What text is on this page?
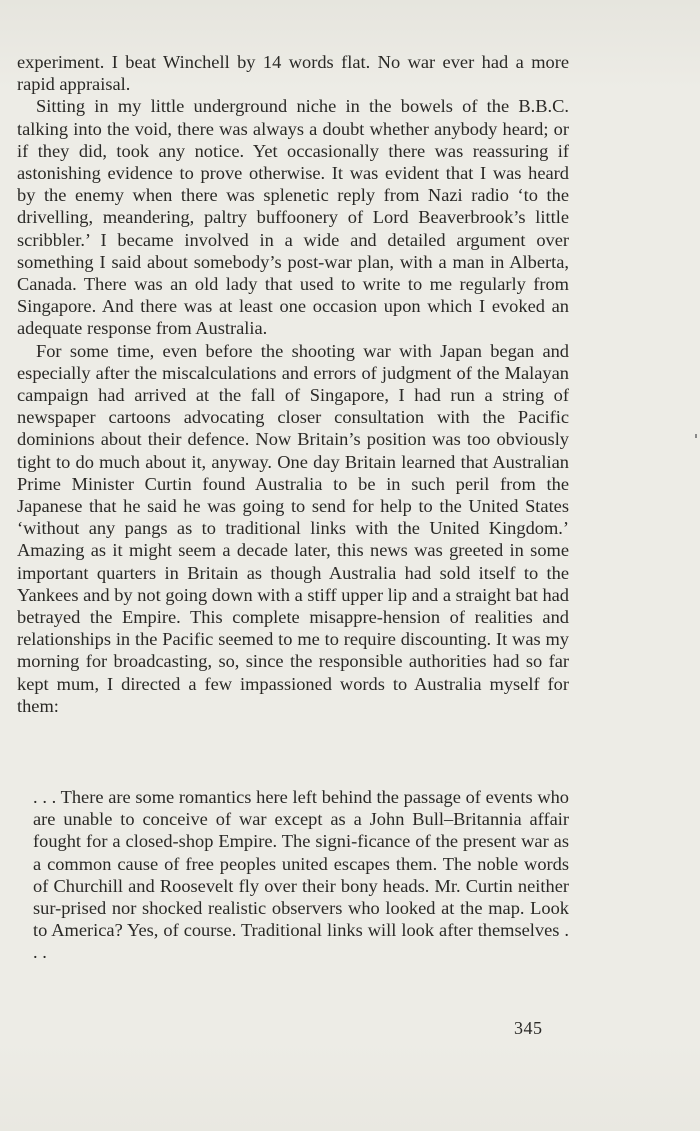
experiment. I beat Winchell by 14 words flat. No war ever had a more rapid appraisal.

Sitting in my little underground niche in the bowels of the B.B.C. talking into the void, there was always a doubt whether anybody heard; or if they did, took any notice. Yet occasionally there was reassuring if astonishing evidence to prove otherwise. It was evident that I was heard by the enemy when there was splenetic reply from Nazi radio ‘to the drivelling, meandering, paltry buffoonery of Lord Beaverbrook’s little scribbler.’ I became involved in a wide and detailed argument over something I said about somebody’s post-war plan, with a man in Alberta, Canada. There was an old lady that used to write to me regularly from Singapore. And there was at least one occasion upon which I evoked an adequate response from Australia.

For some time, even before the shooting war with Japan began and especially after the miscalculations and errors of judgment of the Malayan campaign had arrived at the fall of Singapore, I had run a string of newspaper cartoons advocating closer consultation with the Pacific dominions about their defence. Now Britain’s position was too obviously tight to do much about it, anyway. One day Britain learned that Australian Prime Minister Curtin found Australia to be in such peril from the Japanese that he said he was going to send for help to the United States ‘without any pangs as to traditional links with the United Kingdom.’ Amazing as it might seem a decade later, this news was greeted in some important quarters in Britain as though Australia had sold itself to the Yankees and by not going down with a stiff upper lip and a straight bat had betrayed the Empire. This complete misappre-hension of realities and relationships in the Pacific seemed to me to require discounting. It was my morning for broadcasting, so, since the responsible authorities had so far kept mum, I directed a few impassioned words to Australia myself for them:

. . . There are some romantics here left behind the passage of events who are unable to conceive of war except as a John Bull–Britannia affair fought for a closed-shop Empire. The signi-ficance of the present war as a common cause of free peoples united escapes them. The noble words of Churchill and Roosevelt fly over their bony heads. Mr. Curtin neither sur-prised nor shocked realistic observers who looked at the map. Look to America? Yes, of course. Traditional links will look after themselves . . .

345
